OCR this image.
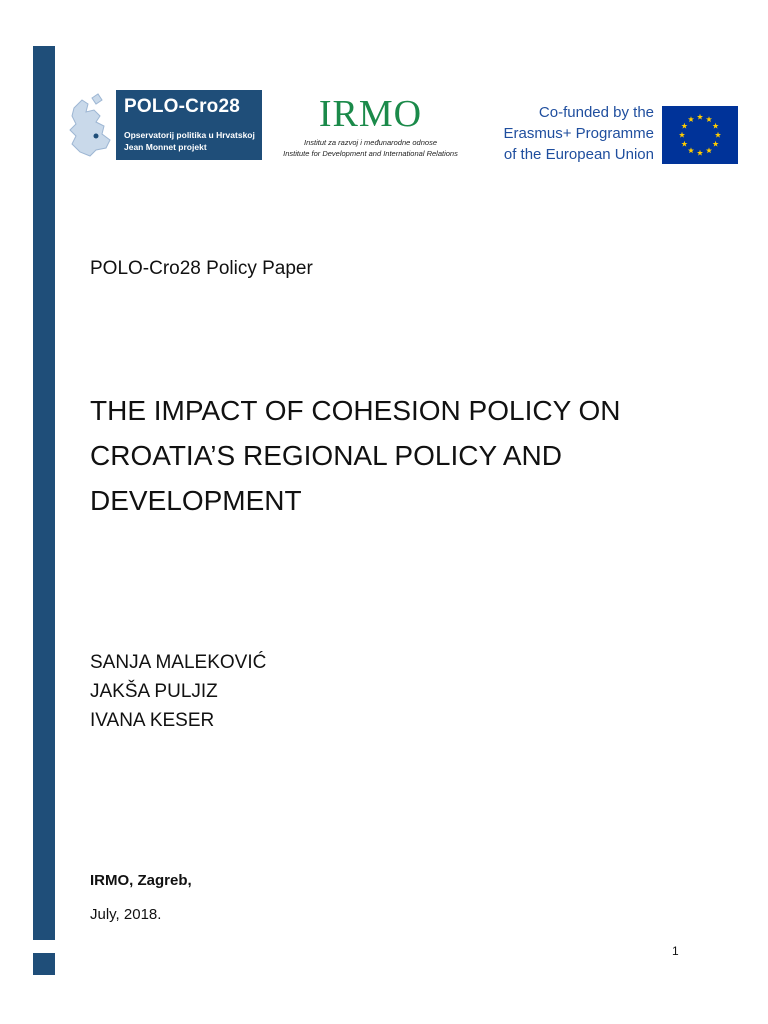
POLO-Cro28
Opservatorij politika u Hrvatskoj
Jean Monnet projekt
IRMO
Institut za razvoj i međunarodne odnose
Institute for Development and International Relations
Co-funded by the
Erasmus+ Programme
of the European Union
POLO-Cro28 Policy Paper
THE IMPACT OF COHESION POLICY ON
CROATIA’S REGIONAL POLICY AND
DEVELOPMENT
SANJA MALEKOVIĆ
JAKŠA PULJIZ
IVANA KESER
IRMO, Zagreb,
July, 2018.
1
